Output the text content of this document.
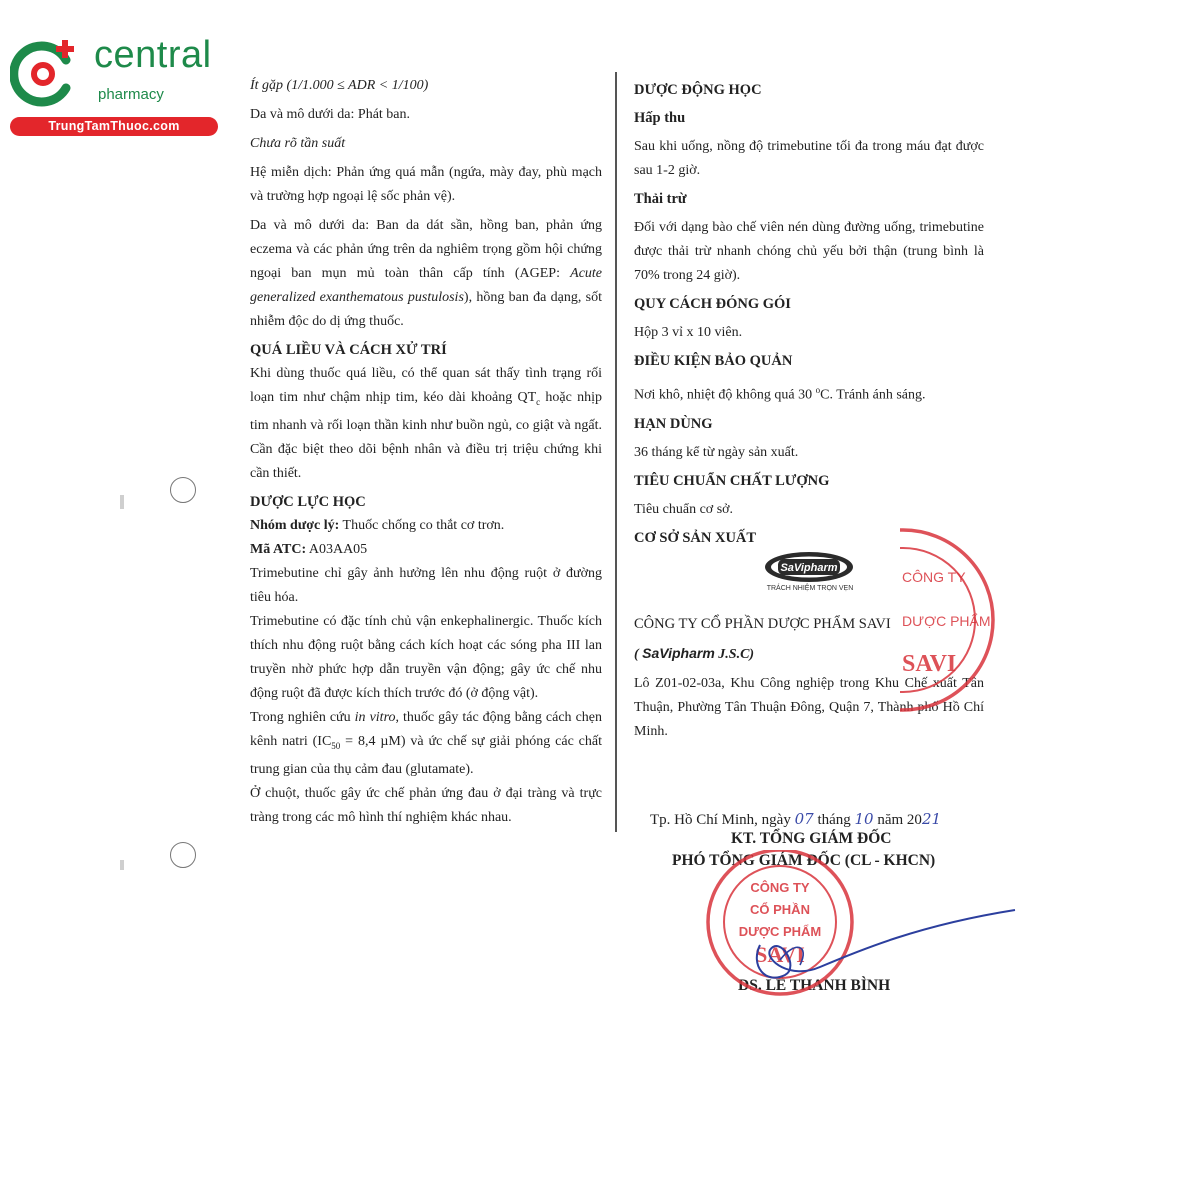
central
pharmacy
TrungTamThuoc.com

Ít gặp (1/1.000 ≤ ADR < 1/100)

Da và mô dưới da: Phát ban.

Chưa rõ tần suất

Hệ miễn dịch: Phản ứng quá mẫn (ngứa, mày đay, phù mạch và trường hợp ngoại lệ sốc phản vệ).

Da và mô dưới da: Ban da dát sần, hồng ban, phản ứng eczema và các phản ứng trên da nghiêm trọng gồm hội chứng ngoại ban mụn mủ toàn thân cấp tính (AGEP: Acute generalized exanthematous pustulosis), hồng ban đa dạng, sốt nhiễm độc do dị ứng thuốc.

QUÁ LIỀU VÀ CÁCH XỬ TRÍ

Khi dùng thuốc quá liều, có thể quan sát thấy tình trạng rối loạn tim như chậm nhịp tim, kéo dài khoảng $QT_c$ hoặc nhịp tim nhanh và rối loạn thần kinh như buồn ngủ, co giật và ngất. Cần đặc biệt theo dõi bệnh nhân và điều trị triệu chứng khi cần thiết.

DƯỢC LỰC HỌC

Nhóm dược lý: Thuốc chống co thắt cơ trơn.

Mã ATC: A03AA05

Trimebutine chỉ gây ảnh hưởng lên nhu động ruột ở đường tiêu hóa.

Trimebutine có đặc tính chủ vận enkephalinergic. Thuốc kích thích nhu động ruột bằng cách kích hoạt các sóng pha III lan truyền nhờ phức hợp dẫn truyền vận động; gây ức chế nhu động ruột đã được kích thích trước đó (ở động vật).

Trong nghiên cứu in vitro, thuốc gây tác động bằng cách chẹn kênh natri ($IC_{50} = 8,4$ µM) và ức chế sự giải phóng các chất trung gian của thụ cảm đau (glutamate).

Ở chuột, thuốc gây ức chế phản ứng đau ở đại tràng và trực tràng trong các mô hình thí nghiệm khác nhau.

DƯỢC ĐỘNG HỌC

Hấp thu

Sau khi uống, nồng độ trimebutine tối đa trong máu đạt được sau 1-2 giờ.

Thải trừ

Đối với dạng bào chế viên nén dùng đường uống, trimebutine được thải trừ nhanh chóng chủ yếu bởi thận (trung bình là 70% trong 24 giờ).

QUY CÁCH ĐÓNG GÓI

Hộp 3 vỉ x 10 viên.

ĐIỀU KIỆN BẢO QUẢN

Nơi khô, nhiệt độ không quá 30 $^o$C. Tránh ánh sáng.

HẠN DÙNG

36 tháng kể từ ngày sản xuất.

TIÊU CHUẨN CHẤT LƯỢNG

Tiêu chuẩn cơ sở.

CƠ SỞ SẢN XUẤT

CÔNG TY CỔ PHẦN DƯỢC PHẨM SAVI

( SaVipharm J.S.C)

Lô Z01-02-03a, Khu Công nghiệp trong Khu Chế xuất Tân Thuận, Phường Tân Thuận Đông, Quận 7, Thành phố Hồ Chí Minh.

SaVipharm
TRÁCH NHIỆM TRỌN VẸN
Tp. Hồ Chí Minh, ngày 07 tháng 10 năm 2021
KT. TỔNG GIÁM ĐỐC
PHÓ TỔNG GIÁM ĐỐC (CL - KHCN)
DS. LÊ THANH BÌNH
CÔNG TY
DƯỢC PHẨM
SAVI
CÔNG TY
CỔ PHẦN
DƯỢC PHẨM
SAVI
